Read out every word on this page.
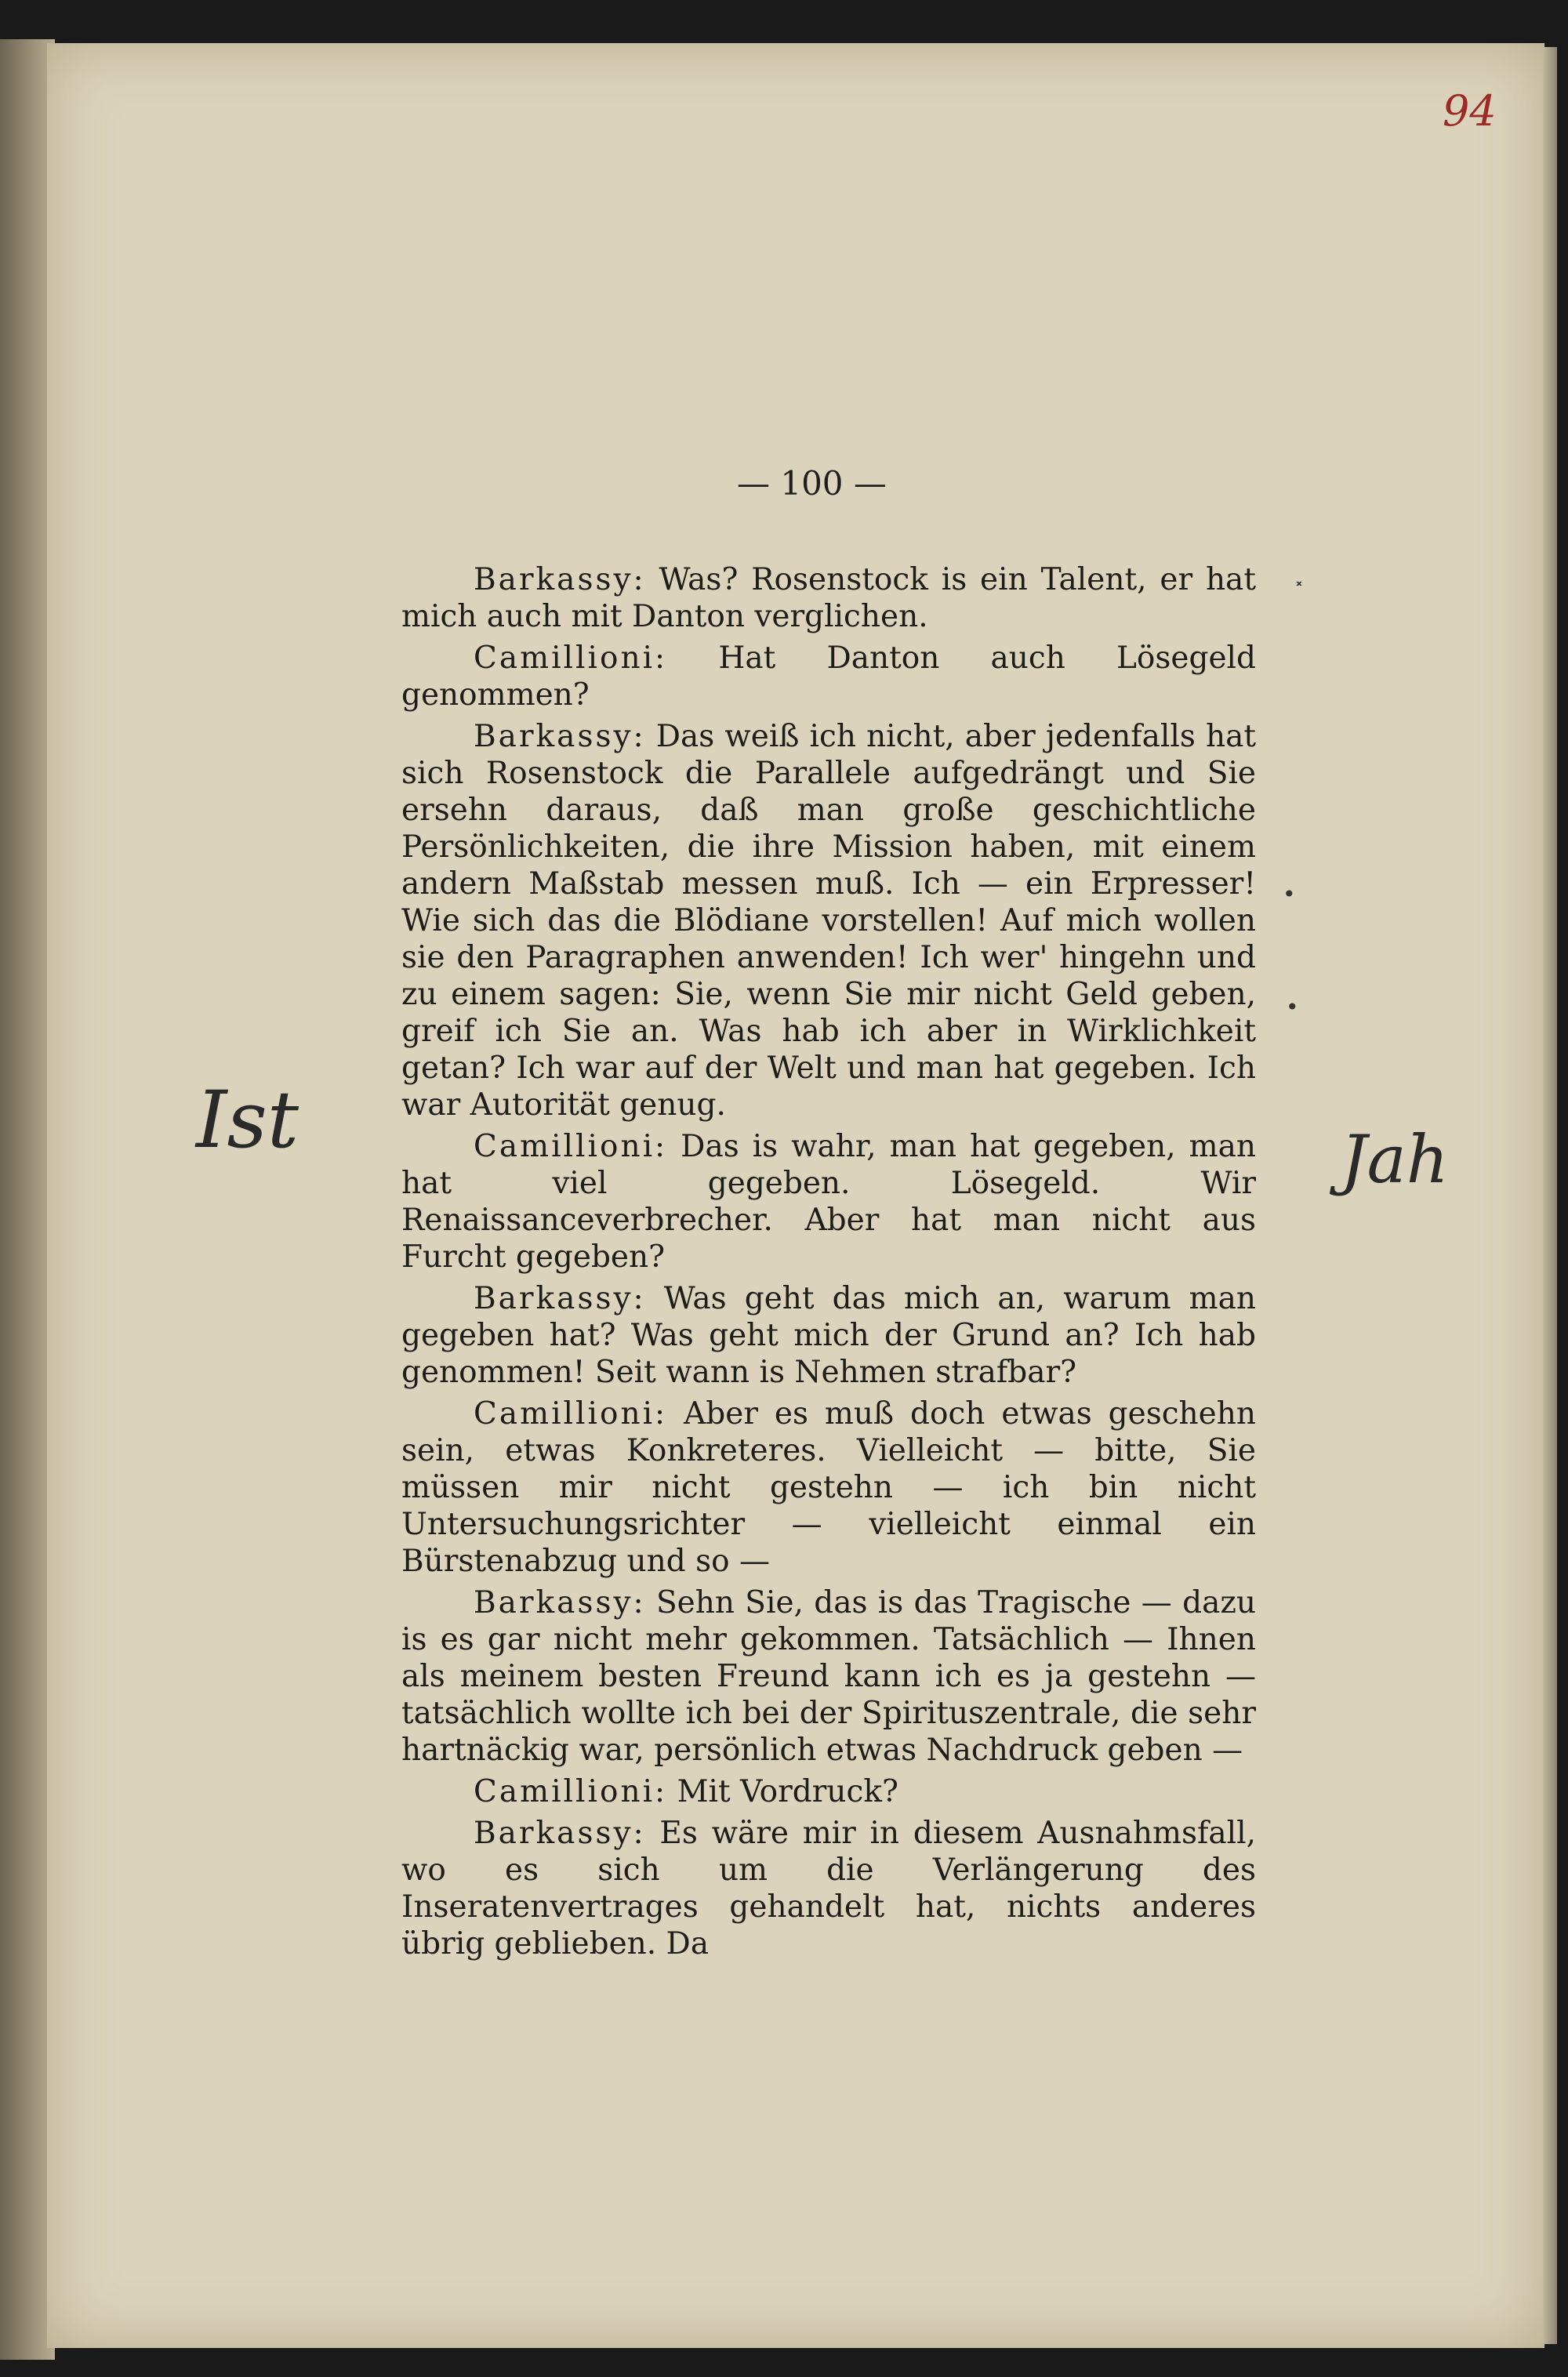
94
˟
•
•
Ist	Jah
— 100 —

Barkassy: Was? Rosenstock is ein Talent, er hat mich auch mit Danton verglichen.

Camillioni: Hat Danton auch Lösegeld genommen?

Barkassy: Das weiß ich nicht, aber jedenfalls hat sich Rosenstock die Parallele aufgedrängt und Sie ersehn daraus, daß man große geschichtliche Persönlichkeiten, die ihre Mission haben, mit einem andern Maßstab messen muß. Ich — ein Erpresser! Wie sich das die Blödiane vorstellen! Auf mich wollen sie den Paragraphen anwenden! Ich wer' hingehn und zu einem sagen: Sie, wenn Sie mir nicht Geld geben, greif ich Sie an. Was hab ich aber in Wirklichkeit getan? Ich war auf der Welt und man hat gegeben. Ich war Autorität genug.

Camillioni: Das is wahr, man hat gegeben, man hat viel gegeben. Lösegeld. Wir Renaissanceverbrecher. Aber hat man nicht aus Furcht gegeben?

Barkassy: Was geht das mich an, warum man gegeben hat? Was geht mich der Grund an? Ich hab genommen! Seit wann is Nehmen strafbar?

Camillioni: Aber es muß doch etwas geschehn sein, etwas Konkreteres. Vielleicht — bitte, Sie müssen mir nicht gestehn — ich bin nicht Untersuchungsrichter — vielleicht einmal ein Bürstenabzug und so —

Barkassy: Sehn Sie, das is das Tragische — dazu is es gar nicht mehr gekommen. Tatsächlich — Ihnen als meinem besten Freund kann ich es ja gestehn — tatsächlich wollte ich bei der Spirituszentrale, die sehr hartnäckig war, persönlich etwas Nachdruck geben —

Camillioni: Mit Vordruck?

Barkassy: Es wäre mir in diesem Ausnahmsfall, wo es sich um die Verlängerung des Inseratenvertrages gehandelt hat, nichts anderes übrig geblieben. Da
